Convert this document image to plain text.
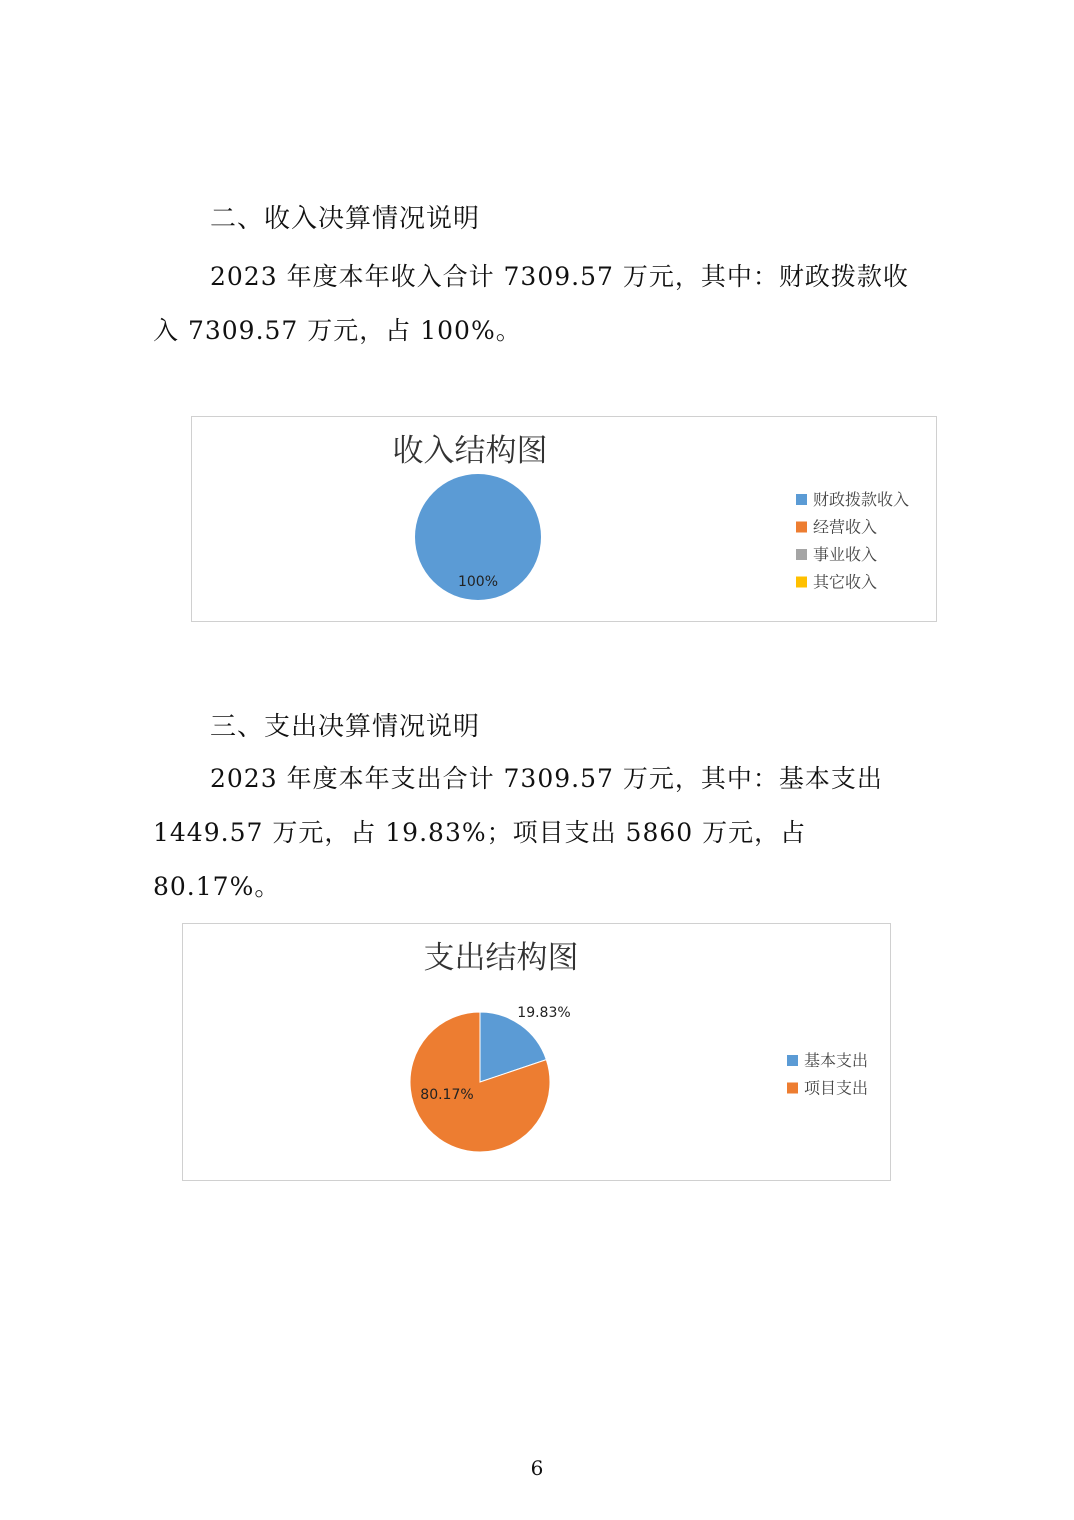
二、收入决算情况说明

2023 年度本年收入合计 7309.57 万元，其中：财政拨款收入 7309.57 万元，占 100%。

收入结构图
100%
财政拨款收入
经营收入
事业收入
其它收入
三、支出决算情况说明

2023 年度本年支出合计 7309.57 万元，其中：基本支出1449.57 万元，占 19.83%；项目支出 5860 万元，占 80.17%。

支出结构图
19.83%
80.17%
基本支出
项目支出
6
